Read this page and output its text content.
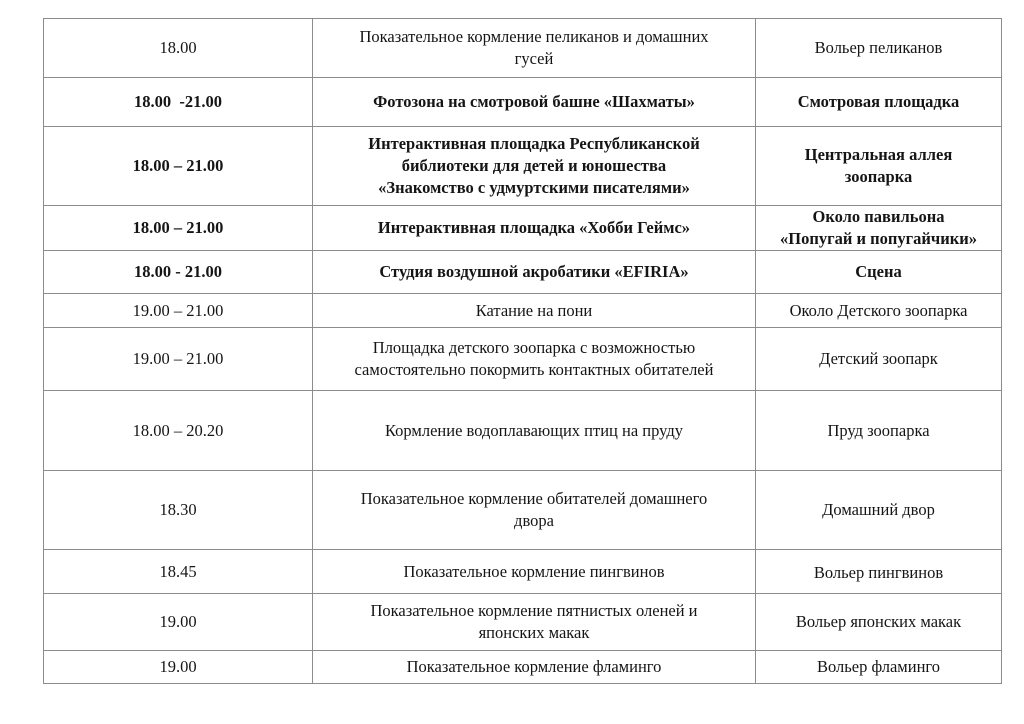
18.00	Показательное кормление пеликанов и домашних
гусей	Вольер пеликанов

18.00  -21.00	Фотозона на смотровой башне «Шахматы»	Смотровая площадка

18.00 – 21.00	Интерактивная площадка Республиканской
библиотеки для детей и юношества
«Знакомство с удмуртскими писателями»	Центральная аллея
зоопарка

18.00 – 21.00	Интерактивная площадка «Хобби Геймс»	Около павильона
«Попугай и попугайчики»

18.00 - 21.00	Студия воздушной акробатики «EFIRIA»	Сцена

19.00 – 21.00	Катание на пони	Около Детского зоопарка

19.00 – 21.00	Площадка детского зоопарка с возможностью
самостоятельно покормить контактных обитателей	Детский зоопарк

18.00 – 20.20	Кормление водоплавающих птиц на пруду	Пруд зоопарка

18.30	Показательное кормление обитателей домашнего
двора	Домашний двор

18.45	Показательное кормление пингвинов	Вольер пингвинов

19.00	Показательное кормление пятнистых оленей и
японских макак	Вольер японских макак

19.00	Показательное кормление фламинго	Вольер фламинго
